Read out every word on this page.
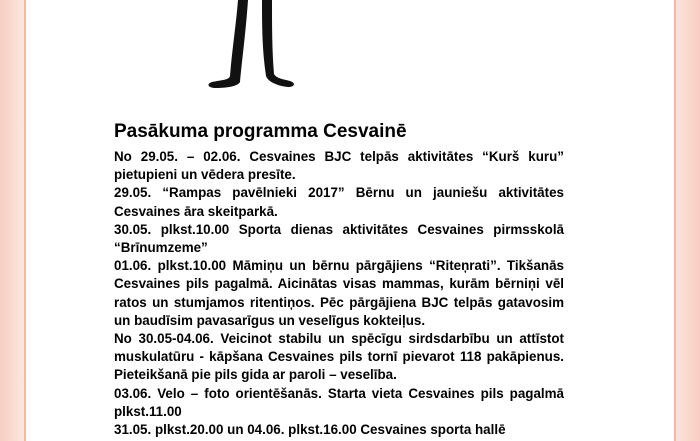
Pasākuma programma Cesvainē

No 29.05. – 02.06. Cesvaines BJC telpās aktivitātes “Kurš kuru” pietupieni un vēdera presīte.

29.05. “Rampas pavēlnieki 2017” Bērnu un jauniešu aktivitātes Cesvaines āra skeitparkā.

30.05. plkst.10.00 Sporta dienas aktivitātes Cesvaines pirmsskolā “Brīnumzeme”

01.06. plkst.10.00 Māmiņu un bērnu pārgājiens “Riteņrati”. Tikšanās Cesvaines pils pagalmā. Aicinātas visas mammas, kurām bērniņi vēl ratos un stumjamos ritentiņos. Pēc pārgājiena BJC telpās gatavosim un baudīsim pavasarīgus un veselīgus kokteiļus.

No 30.05-04.06. Veicinot stabilu un spēcīgu sirdsdarbību un attīstot muskulatūru - kāpšana Cesvaines pils tornī pievarot 118 pakāpienus. Pieteikšanā pie pils gida ar paroli – veselība.

03.06. Velo – foto orientēšanās. Starta vieta Cesvaines pils pagalmā plkst.11.00

31.05. plkst.20.00 un 04.06. plkst.16.00 Cesvaines sporta hallē
